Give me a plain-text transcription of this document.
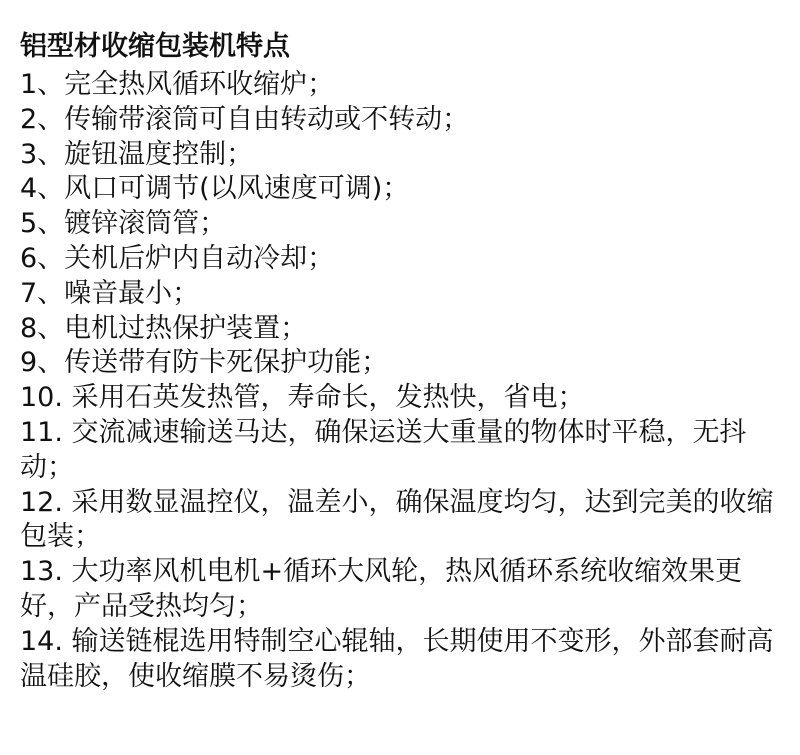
铝型材收缩包装机特点
1、完全热风循环收缩炉；
2、传输带滚筒可自由转动或不转动；
3、旋钮温度控制；
4、风口可调节(以风速度可调)；
5、镀锌滚筒管；
6、关机后炉内自动冷却；
7、噪音最小；
8、电机过热保护装置；
9、传送带有防卡死保护功能；
10. 采用石英发热管，寿命长，发热快，省电；
11. 交流减速输送马达，确保运送大重量的物体时平稳，无抖动；
12. 采用数显温控仪，温差小，确保温度均匀，达到完美的收缩包装；
13. 大功率风机电机+循环大风轮，热风循环系统收缩效果更好，产品受热均匀；
14. 输送链棍选用特制空心辊轴，长期使用不变形，外部套耐高温硅胶，使收缩膜不易烫伤；
